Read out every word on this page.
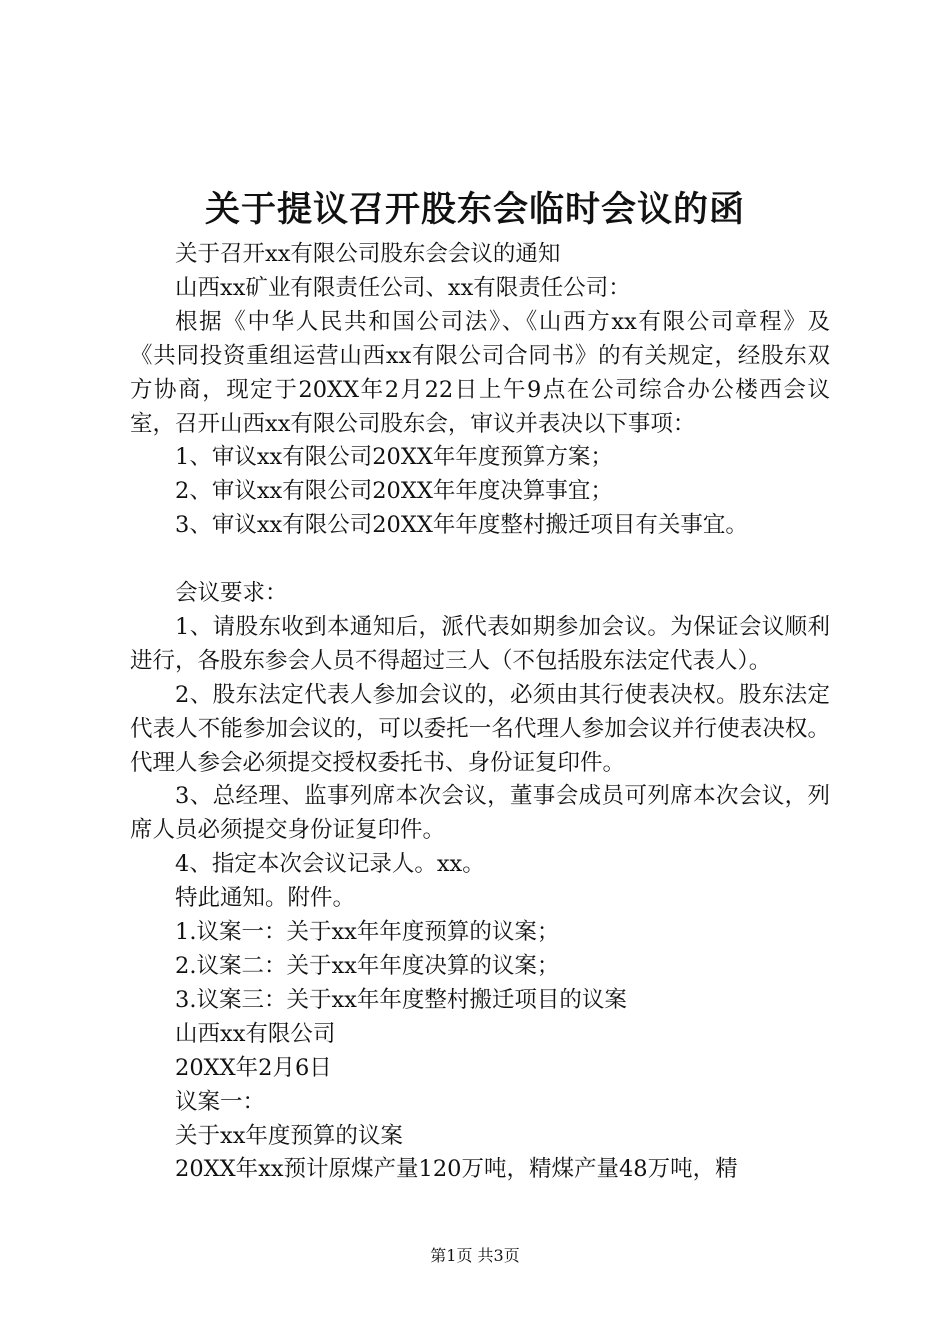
关于提议召开股东会临时会议的函

关于召开xx有限公司股东会会议的通知

山西xx矿业有限责任公司、xx有限责任公司：

根据《中华人民共和国公司法》、《山西方xx有限公司章程》及《共同投资重组运营山西xx有限公司合同书》的有关规定，经股东双方协商，现定于20XX年2月22日上午9点在公司综合办公楼西会议室，召开山西xx有限公司股东会，审议并表决以下事项：

1、审议xx有限公司20XX年年度预算方案；

2、审议xx有限公司20XX年年度决算事宜；

3、审议xx有限公司20XX年年度整村搬迁项目有关事宜。

会议要求：

1、请股东收到本通知后，派代表如期参加会议。为保证会议顺利进行，各股东参会人员不得超过三人（不包括股东法定代表人）。

2、股东法定代表人参加会议的，必须由其行使表决权。股东法定代表人不能参加会议的，可以委托一名代理人参加会议并行使表决权。代理人参会必须提交授权委托书、身份证复印件。

3、总经理、监事列席本次会议，董事会成员可列席本次会议，列席人员必须提交身份证复印件。

4、指定本次会议记录人。xx。

特此通知。附件。

1.议案一：关于xx年年度预算的议案；

2.议案二：关于xx年年度决算的议案；

3.议案三：关于xx年年度整村搬迁项目的议案

山西xx有限公司

20XX年2月6日

议案一：

关于xx年度预算的议案

20XX年xx预计原煤产量120万吨，精煤产量48万吨，精

第1页 共3页
